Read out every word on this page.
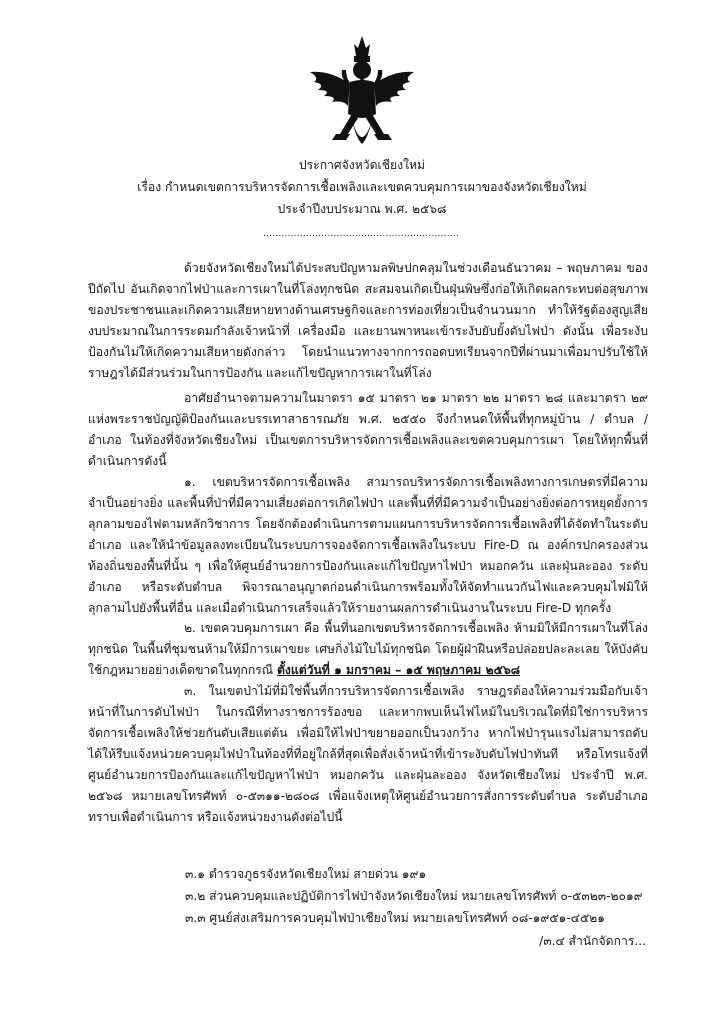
ประกาศจังหวัดเชียงใหม่
เรื่อง กำหนดเขตการบริหารจัดการเชื้อเพลิงและเขตควบคุมการเผาของจังหวัดเชียงใหม่
ประจำปีงบประมาณ พ.ศ. ๒๕๖๘
................................................................

ด้วยจังหวัดเชียงใหม่ได้ประสบปัญหามลพิษปกคลุมในช่วงเดือนธันวาคม – พฤษภาคม ของปีถัดไป อันเกิดจากไฟป่าและการเผาในที่โล่งทุกชนิด สะสมจนเกิดเป็นฝุ่นพิษซึ่งก่อให้เกิดผลกระทบต่อสุขภาพของประชาชนและเกิดความเสียหายทางด้านเศรษฐกิจและการท่องเที่ยวเป็นจำนวนมาก ทำให้รัฐต้องสูญเสียงบประมาณในการระดมกำลังเจ้าหน้าที่ เครื่องมือ และยานพาหนะเข้าระงับยับยั้งดับไฟป่า ดังนั้น เพื่อระงับป้องกันไม่ให้เกิดความเสียหายดังกล่าว โดยนำแนวทางจากการถอดบทเรียนจากปีที่ผ่านมาเพื่อมาปรับใช้ให้ราษฎรได้มีส่วนร่วมในการป้องกัน และแก้ไขปัญหาการเผาในที่โล่ง

อาศัยอำนาจตามความในมาตรา ๑๕ มาตรา ๒๑ มาตรา ๒๒ มาตรา ๒๘ และมาตรา ๒๙ แห่งพระราชบัญญัติป้องกันและบรรเทาสาธารณภัย พ.ศ. ๒๕๕๐ จึงกำหนดให้พื้นที่ทุกหมู่บ้าน / ตำบล / อำเภอ ในท้องที่จังหวัดเชียงใหม่ เป็นเขตการบริหารจัดการเชื้อเพลิงและเขตควบคุมการเผา โดยให้ทุกพื้นที่ดำเนินการดังนี้

๑. เขตบริหารจัดการเชื้อเพลิง สามารถบริหารจัดการเชื้อเพลิงทางการเกษตรที่มีความจำเป็นอย่างยิ่ง และพื้นที่ป่าที่มีความเสี่ยงต่อการเกิดไฟป่า และพื้นที่ที่มีความจำเป็นอย่างยิ่งต่อการหยุดยั้งการลุกลามของไฟตามหลักวิชาการ โดยจักต้องดำเนินการตามแผนการบริหารจัดการเชื้อเพลิงที่ได้จัดทำในระดับอำเภอ และให้นำข้อมูลลงทะเบียนในระบบการจองจัดการเชื้อเพลิงในระบบ Fire-D ณ องค์กรปกครองส่วนท้องถิ่นของพื้นที่นั้น ๆ เพื่อให้ศูนย์อำนวยการป้องกันและแก้ไขปัญหาไฟป่า หมอกควัน และฝุ่นละออง ระดับอำเภอ หรือระดับตำบล พิจารณาอนุญาตก่อนดำเนินการพร้อมทั้งให้จัดทำแนวกันไฟและควบคุมไฟมิให้ลุกลามไปยังพื้นที่อื่น และเมื่อดำเนินการเสร็จแล้วให้รายงานผลการดำเนินงานในระบบ Fire-D ทุกครั้ง

๒. เขตควบคุมการเผา คือ พื้นที่นอกเขตบริหารจัดการเชื้อเพลิง ห้ามมิให้มีการเผาในที่โล่งทุกชนิด ในพื้นที่ชุมชนห้ามให้มีการเผาขยะ เศษกิ่งไม้ใบไม้ทุกชนิด โดยผู้ฝ่าฝืนหรือปล่อยปละละเลย ให้บังคับใช้กฎหมายอย่างเด็ดขาดในทุกกรณี ตั้งแต่วันที่ ๑ มกราคม – ๑๕ พฤษภาคม ๒๕๖๘

๓. ในเขตป่าไม้ที่มิใช่พื้นที่การบริหารจัดการเชื้อเพลิง ราษฎรต้องให้ความร่วมมือกับเจ้าหน้าที่ในการดับไฟป่า ในกรณีที่ทางราชการร้องขอ และหากพบเห็นไฟไหม้ในบริเวณใดที่มิใช่การบริหารจัดการเชื้อเพลิงให้ช่วยกันดับเสียแต่ต้น เพื่อมิให้ไฟป่าขยายออกเป็นวงกว้าง หากไฟป่ารุนแรงไม่สามารถดับได้ให้รีบแจ้งหน่วยควบคุมไฟป่าในท้องที่ที่อยู่ใกล้ที่สุดเพื่อสั่งเจ้าหน้าที่เข้าระงับดับไฟป่าทันที หรือโทรแจ้งที่ศูนย์อำนวยการป้องกันและแก้ไขปัญหาไฟป่า หมอกควัน และฝุ่นละออง จังหวัดเชียงใหม่ ประจำปี พ.ศ. ๒๕๖๘ หมายเลขโทรศัพท์ ๐-๕๓๑๑-๒๘๐๘ เพื่อแจ้งเหตุให้ศูนย์อำนวยการสั่งการระดับตำบล ระดับอำเภอทราบเพื่อดำเนินการ หรือแจ้งหน่วยงานดังต่อไปนี้

๓.๑ ตำรวจภูธรจังหวัดเชียงใหม่ สายด่วน ๑๙๑
๓.๒ ส่วนควบคุมและปฏิบัติการไฟป่าจังหวัดเชียงใหม่ หมายเลขโทรศัพท์ ๐-๕๓๒๓-๒๐๑๙
๓.๓ ศูนย์ส่งเสริมการควบคุมไฟป่าเชียงใหม่ หมายเลขโทรศัพท์ ๐๘-๑๙๕๑-๔๕๒๑
/๓.๔ สำนักจัดการ...
